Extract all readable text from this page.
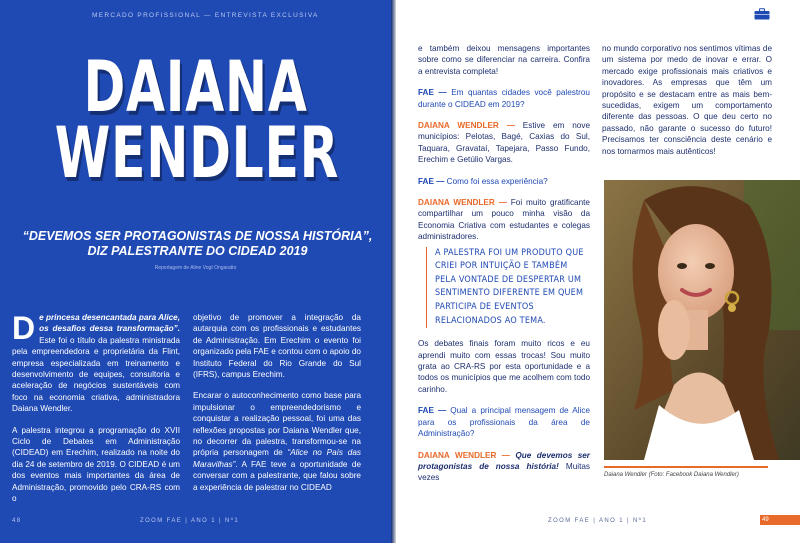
MERCADO PROFISSIONAL — ENTREVISTA EXCLUSIVA
DAIANA
WENDLER
“DEVEMOS SER PROTAGONISTAS DE NOSSA HISTÓRIA”,
DIZ PALESTRANTE DO CIDEAD 2019
Reportagem de Aline Vogt Ongaratto

De princesa desencantada para Alice, os desafios dessa transformação”. Este foi o título da palestra ministrada pela empreendedora e proprietária da Flint, empresa especializada em treinamento e desenvolvimento de equipes, consultoria e aceleração de negócios sustentáveis com foco na economia criativa, administradora Daiana Wendler.

A palestra integrou a programação do XVII Ciclo de Debates em Administração (CIDEAD) em Erechim, realizado na noite do dia 24 de setembro de 2019. O CIDEAD é um dos eventos mais importantes da área de Administração, promovido pelo CRA-RS com o

objetivo de promover a integração da autarquia com os profissionais e estudantes de Administração. Em Erechim o evento foi organizado pela FAE e contou com o apoio do Instituto Federal do Rio Grande do Sul (IFRS), campus Erechim.

Encarar o autoconhecimento como base para impulsionar o empreendedorismo e conquistar a realização pessoal, foi uma das reflexões propostas por Daiana Wendler que, no decorrer da palestra, transformou-se na própria personagem de “Alice no País das Maravilhas”. A FAE teve a oportunidade de conversar com a palestrante, que falou sobre a experiência de palestrar no CIDEAD

48	ZOOM FAE | ANO 1 | Nº1

e também deixou mensagens importantes sobre como se diferenciar na carreira. Confira a entrevista completa!

FAE — Em quantas cidades você palestrou durante o CIDEAD em 2019?

DAIANA WENDLER — Estive em nove municípios: Pelotas, Bagé, Caxias do Sul, Taquara, Gravataí, Tapejara, Passo Fundo, Erechim e Getúlio Vargas.

FAE — Como foi essa experiência?

DAIANA WENDLER — Foi muito gratificante compartilhar um pouco minha visão da Economia Criativa com estudantes e colegas administradores.

A PALESTRA FOI UM PRODUTO QUE CRIEI POR INTUIÇÃO E TAMBÉM PELA VONTADE DE DESPERTAR UM SENTIMENTO DIFERENTE EM QUEM PARTICIPA DE EVENTOS RELACIONADOS AO TEMA.

Os debates finais foram muito ricos e eu aprendi muito com essas trocas! Sou muito grata ao CRA-RS por esta oportunidade e a todos os municípios que me acolhem com todo carinho.

FAE — Qual a principal mensagem de Alice para os profissionais da área de Administração?

DAIANA WENDLER — Que devemos ser protagonistas de nossa história! Muitas vezes

no mundo corporativo nos sentimos vítimas de um sistema por medo de inovar e errar. O mercado exige profissionais mais criativos e inovadores. As empresas que têm um propósito e se destacam entre as mais bem-sucedidas, exigem um comportamento diferente das pessoas. O que deu certo no passado, não garante o sucesso do futuro! Precisamos ter consciência deste cenário e nos tornarmos mais autênticos!

Daiana Wendler (Foto: Facebook Daiana Wendler)
ZOOM FAE | ANO 1 | Nº1	49
